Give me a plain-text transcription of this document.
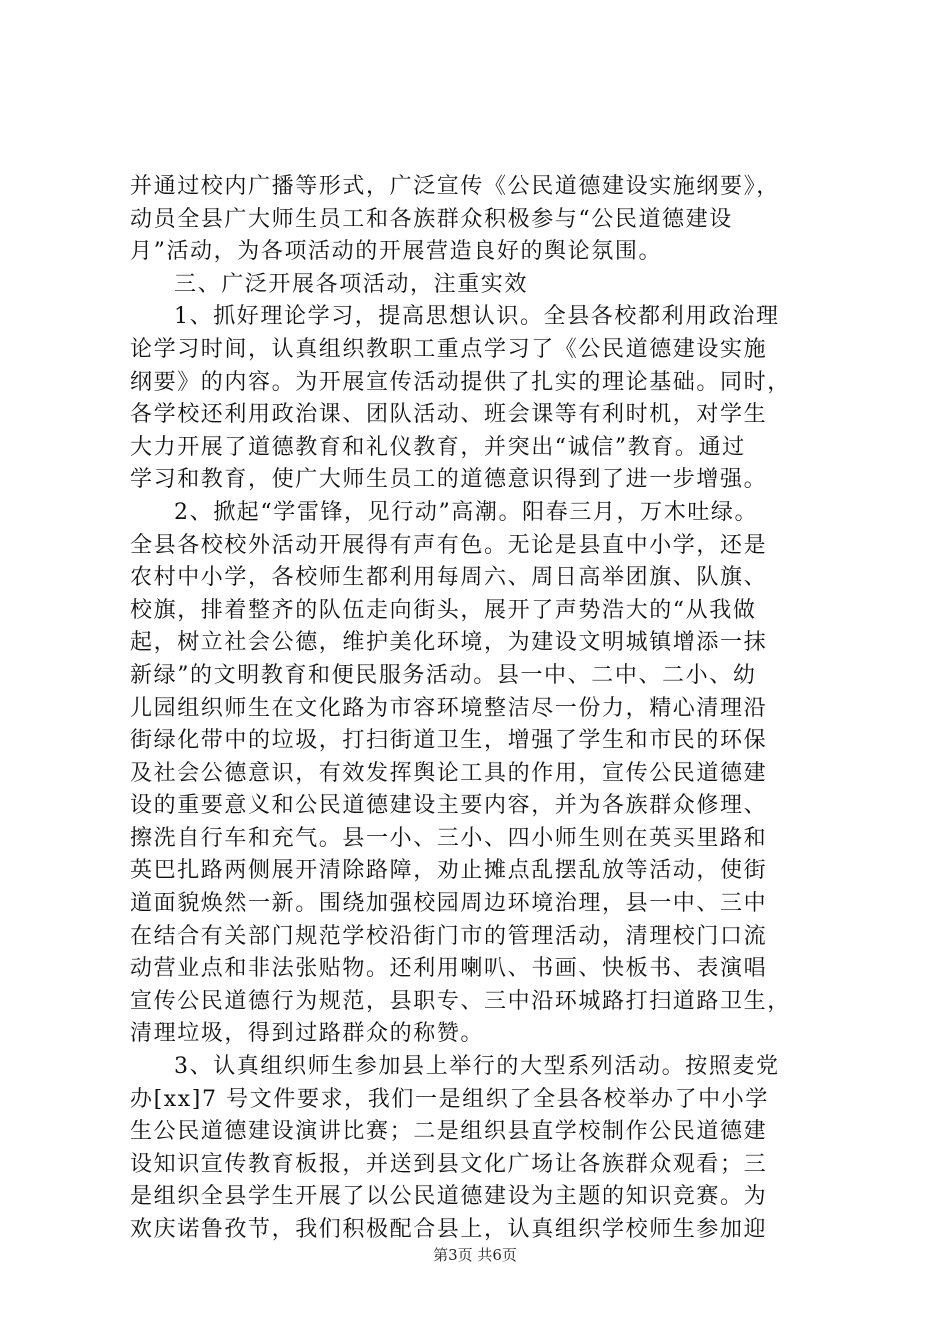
并通过校内广播等形式，广泛宣传《公民道德建设实施纲要》，
动员全县广大师生员工和各族群众积极参与“公民道德建设
月”活动，为各项活动的开展营造良好的舆论氛围。
三、广泛开展各项活动，注重实效
1、抓好理论学习，提高思想认识。全县各校都利用政治理
论学习时间，认真组织教职工重点学习了《公民道德建设实施
纲要》的内容。为开展宣传活动提供了扎实的理论基础。同时，
各学校还利用政治课、团队活动、班会课等有利时机，对学生
大力开展了道德教育和礼仪教育，并突出“诚信”教育。通过
学习和教育，使广大师生员工的道德意识得到了进一步增强。
2、掀起“学雷锋，见行动”高潮。阳春三月，万木吐绿。
全县各校校外活动开展得有声有色。无论是县直中小学，还是
农村中小学，各校师生都利用每周六、周日高举团旗、队旗、
校旗，排着整齐的队伍走向街头，展开了声势浩大的“从我做
起，树立社会公德，维护美化环境，为建设文明城镇增添一抹
新绿”的文明教育和便民服务活动。县一中、二中、二小、幼
儿园组织师生在文化路为市容环境整洁尽一份力，精心清理沿
街绿化带中的垃圾，打扫街道卫生，增强了学生和市民的环保
及社会公德意识，有效发挥舆论工具的作用，宣传公民道德建
设的重要意义和公民道德建设主要内容，并为各族群众修理、
擦洗自行车和充气。县一小、三小、四小师生则在英买里路和
英巴扎路两侧展开清除路障，劝止摊点乱摆乱放等活动，使街
道面貌焕然一新。围绕加强校园周边环境治理，县一中、三中
在结合有关部门规范学校沿街门市的管理活动，清理校门口流
动营业点和非法张贴物。还利用喇叭、书画、快板书、表演唱
宣传公民道德行为规范，县职专、三中沿环城路打扫道路卫生，
清理垃圾，得到过路群众的称赞。
3、认真组织师生参加县上举行的大型系列活动。按照麦党
办[xx]7 号文件要求，我们一是组织了全县各校举办了中小学
生公民道德建设演讲比赛；二是组织县直学校制作公民道德建
设知识宣传教育板报，并送到县文化广场让各族群众观看；三
是组织全县学生开展了以公民道德建设为主题的知识竞赛。为
欢庆诺鲁孜节，我们积极配合县上，认真组织学校师生参加迎
第3页 共6页
